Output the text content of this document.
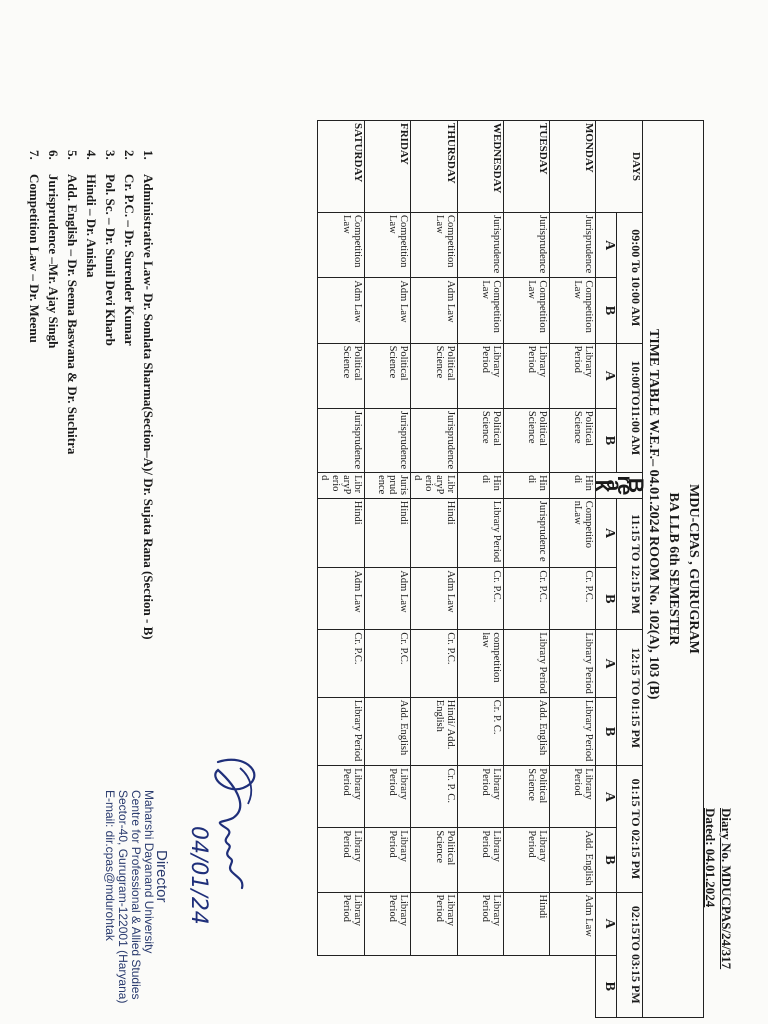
Diary No. MDUCPAS/24/317
Dated: 04.01.2024
MDU-CPAS , GURUGRAM													
BA LLB 6th SEMESTER													
TIME TABLE W.E.F.– 04.01.2024 ROOM No. 102(A), 103 (B)													
DAYS	09:00 To 10:00 AM		10:00TO11:00 AM		Break	11:15 TO 12:15 PM		12:15 TO 01:15 PM		01:15 TO 02:15 PM		02:15TO 03:15 PM	
	A	B	A	B		A	B	A	B	A	B	A	B
MONDAY	Jurisprudence	Competition Law	Library Period	Political Science	Hindi	Competitio nLaw	Cr. P.C.	Library Period	Library Period	Library Period	Add. English	Adm Law	
TUESDAY	Jurisprudence	Competition Law	Library Period	Political Science	Hindi	Jurisprudenc e	Cr. P.C.	Library Period	Add. English	Political Science	Library Period	Hindi	
WEDNESDAY	Jurisprudence	Competition Law	Library Period	Political Science	Hindi	Library Period	Cr. P.C.	competition law	Cr. P. C.	Library Period	Library Period	Library Period	
THURSDAY	Competition Law	Adm Law	Political Science	Jurisprudence	LibraryPeriod	Hindi	Adm Law	Cr. P.C.	Hindi/ Add. English	Cr. P. C.	Political Science	Library Period	
FRIDAY	Competition Law	Adm Law	Political Science	Jurisprudence	Jurisprudence	Hindi	Adm Law	Cr. P.C.	Add. English	Library Period	Library Period	Library Period	
SATURDAY	Competition Law	Adm Law	Political Science	Jurisprudence	LibraryPeriod	Hindi	Adm Law	Cr. P.C.	Library Period	Library Period	Library Period	Library Period	
1.Administrative Law- Dr. Somlata Sharma(Section–A)/ Dr. Sujata Rana (Section - B)
2.Cr. P.C. – Dr. Surender Kumar
3.Pol. Sc. – Dr. Sunil Devi Kharb
4.Hindi – Dr. Anisha
5.Add. English – Dr. Seema Baswana & Dr. Suchitra
6.Jurisprudence –Mr. Ajay Singh
7.Competition Law – Dr. Meenu
04/01/24
Director
Maharshi Dayanand University
Centre for Professional & Allied Studies
Sector-40, Gurugram-122001 (Haryana)
E-mail: dir.cpas@mdurohtak
